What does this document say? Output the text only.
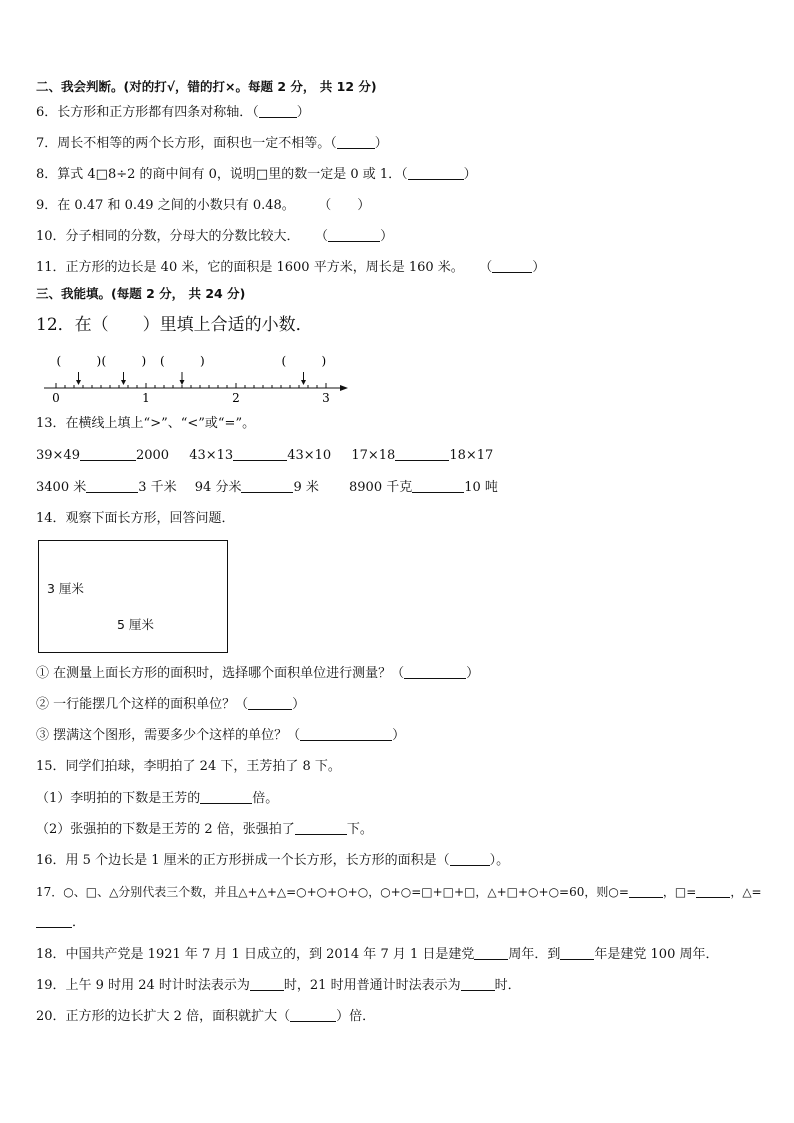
二、我会判断。(对的打√，错的打×。每题 2 分， 共 12 分)
6．长方形和正方形都有四条对称轴．（	）
7．周长不相等的两个长方形，面积也一定不相等。（	）
8．算式 4□8÷2 的商中间有 0，说明□里的数一定是 0 或 1．（	）
9．在 0.47 和 0.49 之间的小数只有 0.48。 （　　）
10．分子相同的分数，分母大的分数比较大． （	）
11．正方形的边长是 40 米，它的面积是 1600 平方米，周长是 160 米。 （	）
三、我能填。(每题 2 分， 共 24 分)
12．在（　　）里填上合适的小数．
(	) (	) (	)	(	)
0	1	2	3
13．在横线上填上“>”、“<”或“=”。
39×49	2000 43×13	43×10 17×18	18×17
3400 米	3 千米 94 分米	9 米 8900 千克	10 吨
14．观察下面长方形，回答问题．
3 厘米
5 厘米
① 在测量上面长方形的面积时，选择哪个面积单位进行测量？（	）
② 一行能摆几个这样的面积单位？（	）
③ 摆满这个图形，需要多少个这样的单位？（	）
15．同学们拍球，李明拍了 24 下，王芳拍了 8 下。
（1）李明拍的下数是王芳的	倍。
（2）张强拍的下数是王芳的 2 倍，张强拍了	下。
16．用 5 个边长是 1 厘米的正方形拼成一个长方形，长方形的面积是（	）。
17．○、□、△分别代表三个数，并且△+△+△=○+○+○+○，○+○=□+□+□，△+□+○+○=60，则○=	，□=	，△=
．
18．中国共产党是 1921 年 7 月 1 日成立的，到 2014 年 7 月 1 日是建党	周年．到	年是建党 100 周年．
19．上午 9 时用 24 时计时法表示为	时，21 时用普通计时法表示为	时．
20．正方形的边长扩大 2 倍，面积就扩大（	）倍．
